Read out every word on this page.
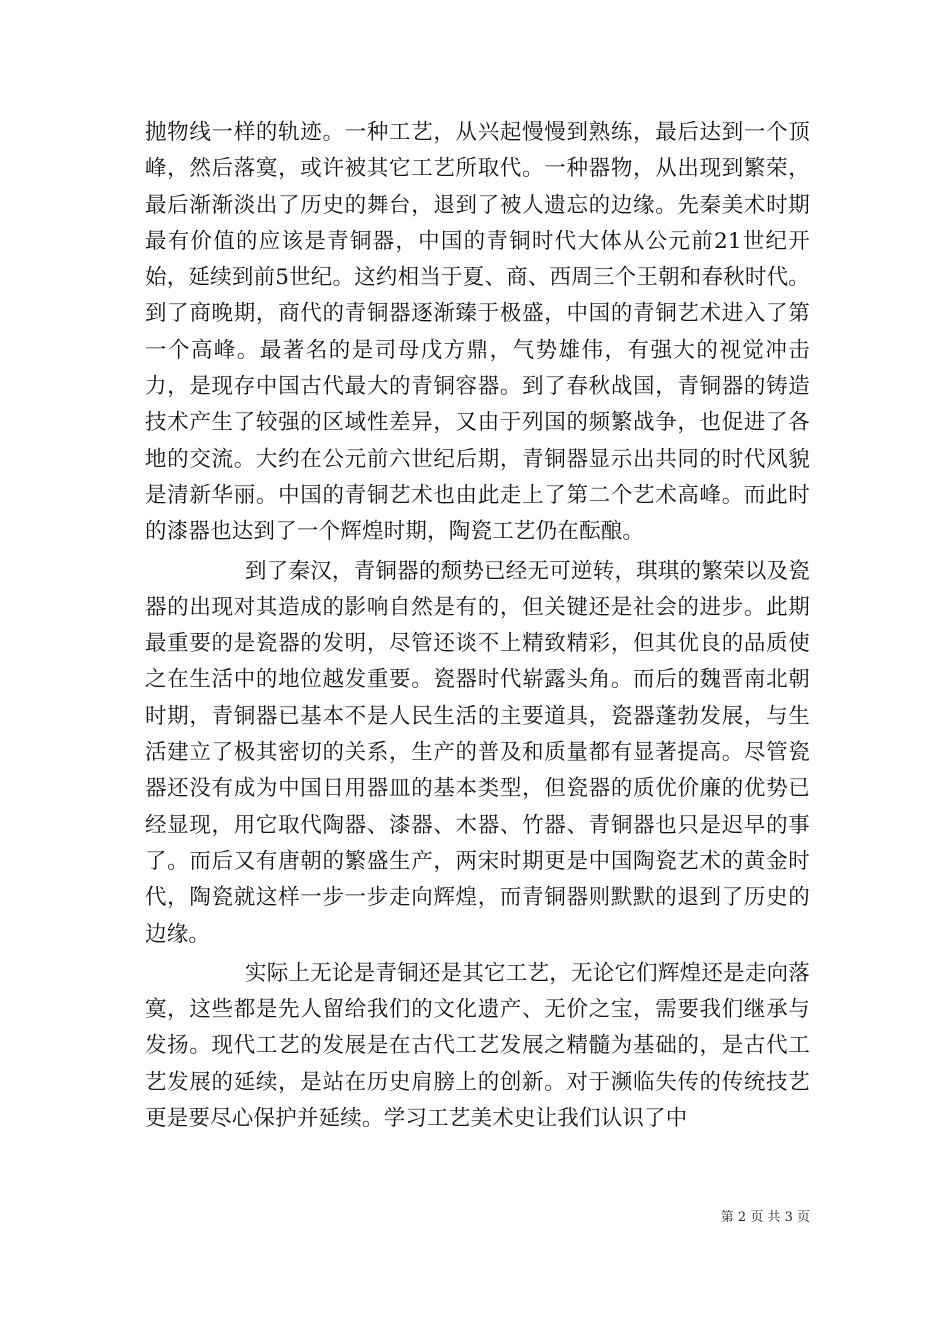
抛物线一样的轨迹。一种工艺，从兴起慢慢到熟练，最后达到一个顶峰，然后落寞，或许被其它工艺所取代。一种器物，从出现到繁荣，最后渐渐淡出了历史的舞台，退到了被人遗忘的边缘。先秦美术时期最有价值的应该是青铜器，中国的青铜时代大体从公元前21世纪开始，延续到前5世纪。这约相当于夏、商、西周三个王朝和春秋时代。到了商晚期，商代的青铜器逐渐臻于极盛，中国的青铜艺术进入了第一个高峰。最著名的是司母戊方鼎，气势雄伟，有强大的视觉冲击力，是现存中国古代最大的青铜容器。到了春秋战国，青铜器的铸造技术产生了较强的区域性差异，又由于列国的频繁战争，也促进了各地的交流。大约在公元前六世纪后期，青铜器显示出共同的时代风貌是清新华丽。中国的青铜艺术也由此走上了第二个艺术高峰。而此时的漆器也达到了一个辉煌时期，陶瓷工艺仍在酝酿。

到了秦汉，青铜器的颓势已经无可逆转，琪琪的繁荣以及瓷器的出现对其造成的影响自然是有的，但关键还是社会的进步。此期最重要的是瓷器的发明，尽管还谈不上精致精彩，但其优良的品质使之在生活中的地位越发重要。瓷器时代崭露头角。而后的魏晋南北朝时期，青铜器已基本不是人民生活的主要道具，瓷器蓬勃发展，与生活建立了极其密切的关系，生产的普及和质量都有显著提高。尽管瓷器还没有成为中国日用器皿的基本类型，但瓷器的质优价廉的优势已经显现，用它取代陶器、漆器、木器、竹器、青铜器也只是迟早的事了。而后又有唐朝的繁盛生产，两宋时期更是中国陶瓷艺术的黄金时代，陶瓷就这样一步一步走向辉煌，而青铜器则默默的退到了历史的边缘。

实际上无论是青铜还是其它工艺，无论它们辉煌还是走向落寞，这些都是先人留给我们的文化遗产、无价之宝，需要我们继承与发扬。现代工艺的发展是在古代工艺发展之精髓为基础的，是古代工艺发展的延续，是站在历史肩膀上的创新。对于濒临失传的传统技艺更是要尽心保护并延续。学习工艺美术史让我们认识了中

第 2 页 共 3 页
